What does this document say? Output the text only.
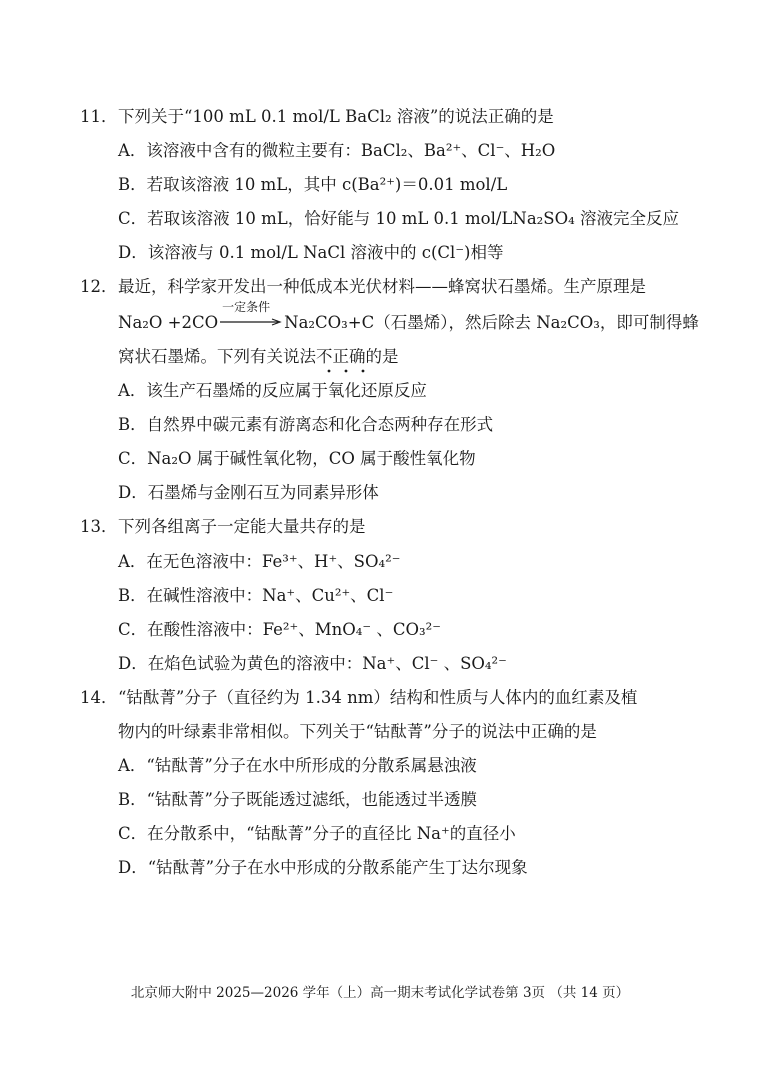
11． 下列关于“100 mL 0.1 mol/L BaCl₂ 溶液”的说法正确的是
A．该溶液中含有的微粒主要有：BaCl₂、Ba²⁺、Cl⁻、H₂O
B．若取该溶液 10 mL，其中 c(Ba²⁺)＝0.01 mol/L
C．若取该溶液 10 mL，恰好能与 10 mL 0.1 mol/LNa₂SO₄ 溶液完全反应
D．该溶液与 0.1 mol/L NaCl 溶液中的 c(Cl⁻)相等
12． 最近，科学家开发出一种低成本光伏材料——蜂窝状石墨烯。生产原理是
Na₂O +2CO
一定条件
Na₂CO₃+C（石墨烯），然后除去 Na₂CO₃，即可制得蜂
窝状石墨烯。下列有关说法不正确
的是
A．该生产石墨烯的反应属于氧化还原反应
B．自然界中碳元素有游离态和化合态两种存在形式
C．Na₂O 属于碱性氧化物，CO 属于酸性氧化物
D．石墨烯与金刚石互为同素异形体
13． 下列各组离子一定能大量共存的是
A．在无色溶液中：Fe³⁺、H⁺、SO₄²⁻
B．在碱性溶液中：Na⁺、Cu²⁺、Cl⁻
C．在酸性溶液中：Fe²⁺、MnO₄⁻ 、CO₃²⁻
D．在焰色试验为黄色的溶液中：Na⁺、Cl⁻ 、SO₄²⁻
14． “钴酞菁”分子（直径约为 1.34 nm）结构和性质与人体内的血红素及植
物内的叶绿素非常相似。下列关于“钴酞菁”分子的说法中正确的是
A．“钴酞菁”分子在水中所形成的分散系属悬浊液
B．“钴酞菁”分子既能透过滤纸，也能透过半透膜
C．在分散系中，“钴酞菁”分子的直径比 Na⁺的直径小
D．“钴酞菁”分子在水中形成的分散系能产生丁达尔现象
北京师大附中 2025—2026 学年（上）高一期末考试化学试卷第 3页 （共 14 页）
